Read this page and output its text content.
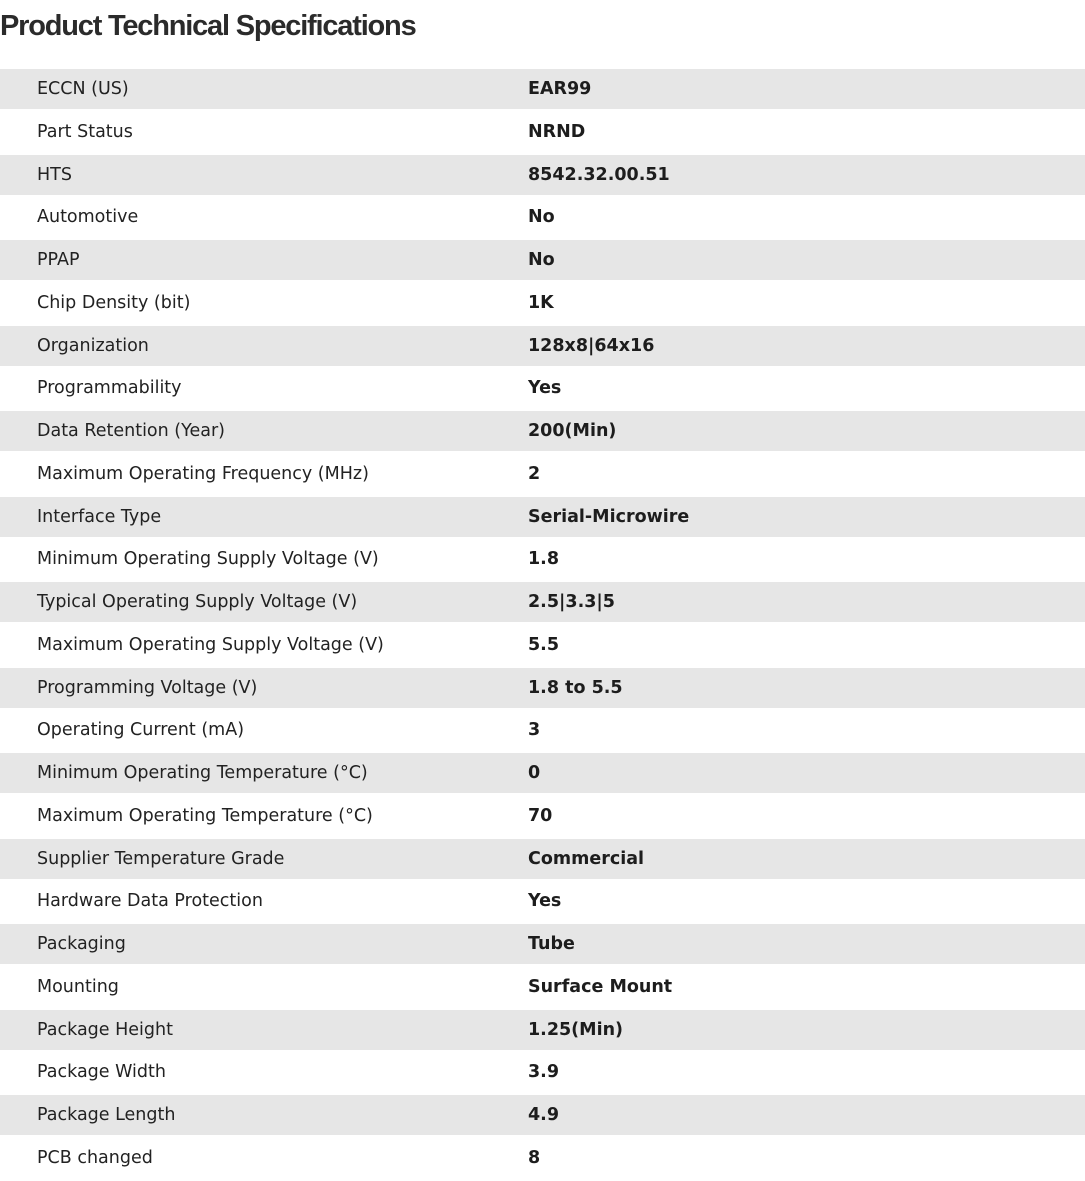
Product Technical Specifications
ECCN (US)	EAR99
Part Status	NRND
HTS	8542.32.00.51
Automotive	No
PPAP	No
Chip Density (bit)	1K
Organization	128x8|64x16
Programmability	Yes
Data Retention (Year)	200(Min)
Maximum Operating Frequency (MHz)	2
Interface Type	Serial-Microwire
Minimum Operating Supply Voltage (V)	1.8
Typical Operating Supply Voltage (V)	2.5|3.3|5
Maximum Operating Supply Voltage (V)	5.5
Programming Voltage (V)	1.8 to 5.5
Operating Current (mA)	3
Minimum Operating Temperature (°C)	0
Maximum Operating Temperature (°C)	70
Supplier Temperature Grade	Commercial
Hardware Data Protection	Yes
Packaging	Tube
Mounting	Surface Mount
Package Height	1.25(Min)
Package Width	3.9
Package Length	4.9
PCB changed	8
